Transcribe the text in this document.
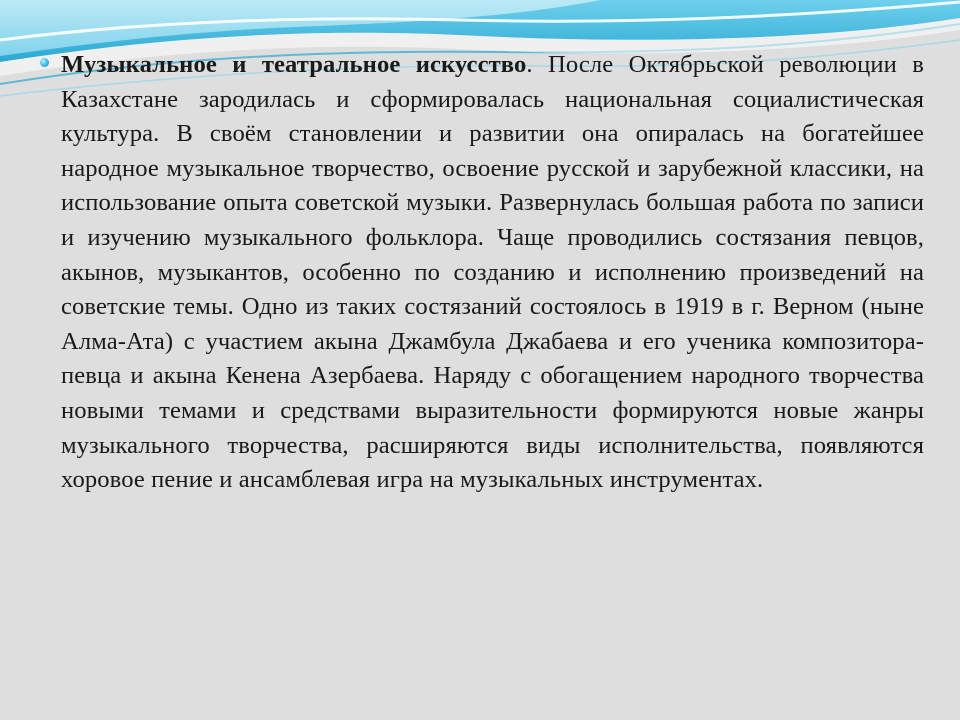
Музыкальное и театральное искусство. После Октябрьской революции в Казахстане зародилась и сформировалась национальная социалистическая культура. В своём становлении и развитии она опиралась на богатейшее народное музыкальное творчество, освоение русской и зарубежной классики, на использование опыта советской музыки. Развернулась большая работа по записи и изучению музыкального фольклора. Чаще проводились состязания певцов, акынов, музыкантов, особенно по созданию и исполнению произведений на советские темы. Одно из таких состязаний состоялось в 1919 в г. Верном (ныне Алма-Ата) с участием акына Джамбула Джабаева и его ученика композитора-певца и акына Кенена Азербаева. Наряду с обогащением народного творчества новыми темами и средствами выразительности формируются новые жанры музыкального творчества, расширяются виды исполнительства, появляются хоровое пение и ансамблевая игра на музыкальных инструментах.
